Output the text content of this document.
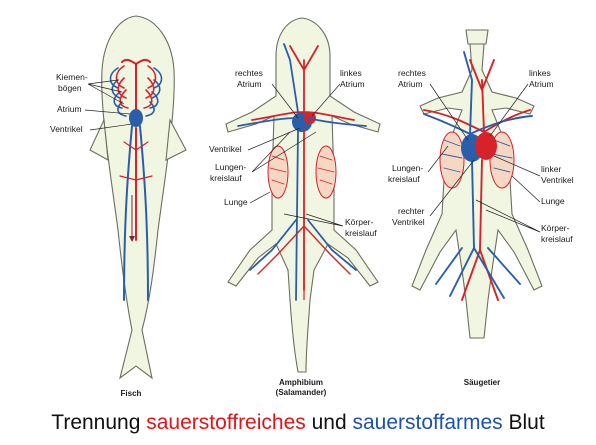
Kiemen-
bögen
Atrium
Ventrikel
Fisch
rechtes
Atrium
linkes
Atrium
Ventrikel
Lungen-
kreislauf
Lunge
Körper-
kreislauf
Amphibium
(Salamander)
rechtes
Atrium
linkes
Atrium
Lungen-
kreislauf
linker
Ventrikel
Lunge
rechter
Ventrikel
Körper-
kreislauf
Säugetier
Trennung sauerstoffreiches und sauerstoffarmes Blut
